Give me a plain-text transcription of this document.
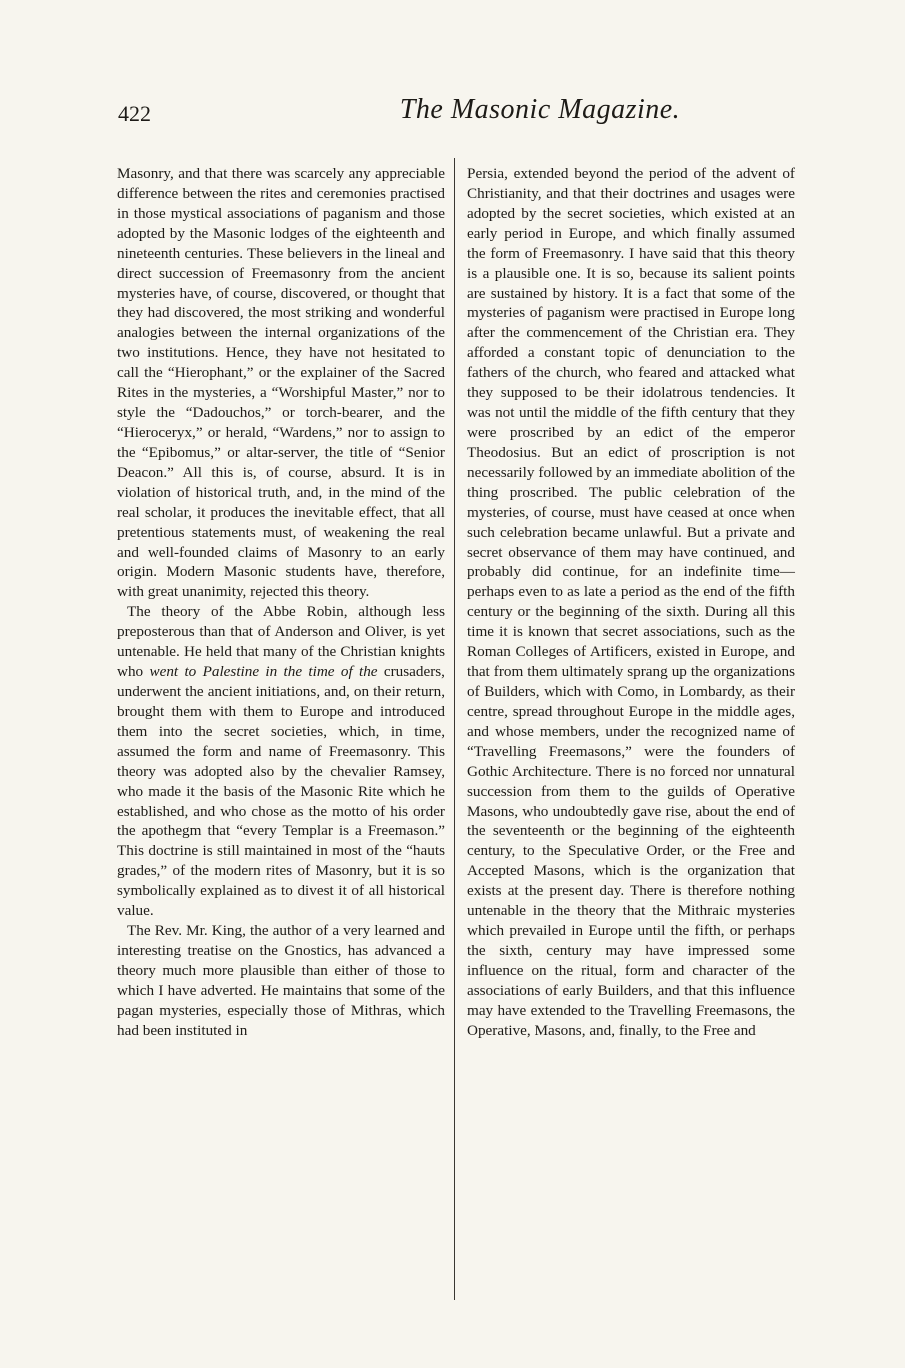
422	The Masonic Magazine.

Masonry, and that there was scarcely any appreciable difference between the rites and ceremonies practised in those mystical associations of paganism and those adopted by the Masonic lodges of the eighteenth and nineteenth centuries. These believers in the lineal and direct succession of Freemasonry from the ancient mysteries have, of course, discovered, or thought that they had discovered, the most striking and wonderful analogies between the internal organizations of the two institutions. Hence, they have not hesitated to call the “Hierophant,” or the explainer of the Sacred Rites in the mysteries, a “Worshipful Master,” nor to style the “Dadouchos,” or torch-bearer, and the “Hieroceryx,” or herald, “Wardens,” nor to assign to the “Epibomus,” or altar-server, the title of “Senior Deacon.” All this is, of course, absurd. It is in violation of historical truth, and, in the mind of the real scholar, it produces the inevitable effect, that all pretentious statements must, of weakening the real and well-founded claims of Masonry to an early origin. Modern Masonic students have, therefore, with great unanimity, rejected this theory.

The theory of the Abbe Robin, although less preposterous than that of Anderson and Oliver, is yet untenable. He held that many of the Christian knights who went to Palestine in the time of the crusaders, underwent the ancient initiations, and, on their return, brought them with them to Europe and introduced them into the secret societies, which, in time, assumed the form and name of Freemasonry. This theory was adopted also by the chevalier Ramsey, who made it the basis of the Masonic Rite which he established, and who chose as the motto of his order the apothegm that “every Templar is a Freemason.” This doctrine is still maintained in most of the “hauts grades,” of the modern rites of Masonry, but it is so symbolically explained as to divest it of all historical value.

The Rev. Mr. King, the author of a very learned and interesting treatise on the Gnostics, has advanced a theory much more plausible than either of those to which I have adverted. He maintains that some of the pagan mysteries, especially those of Mithras, which had been instituted in

Persia, extended beyond the period of the advent of Christianity, and that their doctrines and usages were adopted by the secret societies, which existed at an early period in Europe, and which finally assumed the form of Freemasonry. I have said that this theory is a plausible one. It is so, because its salient points are sustained by history. It is a fact that some of the mysteries of paganism were practised in Europe long after the commencement of the Christian era. They afforded a constant topic of denunciation to the fathers of the church, who feared and attacked what they supposed to be their idolatrous tendencies. It was not until the middle of the fifth century that they were proscribed by an edict of the emperor Theodosius. But an edict of proscription is not necessarily followed by an immediate abolition of the thing proscribed. The public celebration of the mysteries, of course, must have ceased at once when such celebration became unlawful. But a private and secret observance of them may have continued, and probably did continue, for an indefinite time—perhaps even to as late a period as the end of the fifth century or the beginning of the sixth. During all this time it is known that secret associations, such as the Roman Colleges of Artificers, existed in Europe, and that from them ultimately sprang up the organizations of Builders, which with Como, in Lombardy, as their centre, spread throughout Europe in the middle ages, and whose members, under the recognized name of “Travelling Freemasons,” were the founders of Gothic Architecture. There is no forced nor unnatural succession from them to the guilds of Operative Masons, who undoubtedly gave rise, about the end of the seventeenth or the beginning of the eighteenth century, to the Speculative Order, or the Free and Accepted Masons, which is the organization that exists at the present day. There is therefore nothing untenable in the theory that the Mithraic mysteries which prevailed in Europe until the fifth, or perhaps the sixth, century may have impressed some influence on the ritual, form and character of the associations of early Builders, and that this influence may have extended to the Travelling Freemasons, the Operative, Masons, and, finally, to the Free and
